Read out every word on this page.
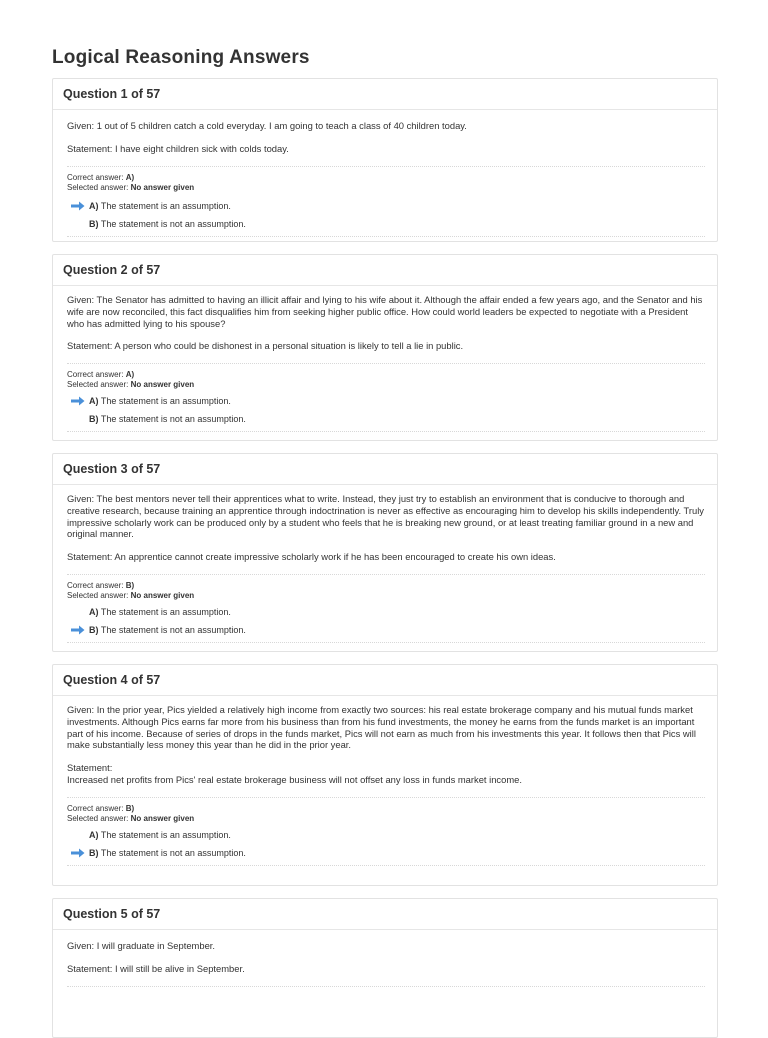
Logical Reasoning Answers
Question 1 of 57

Given: 1 out of 5 children catch a cold everyday. I am going to teach a class of 40 children today.

Statement: I have eight children sick with colds today.

Correct answer: A)
Selected answer: No answer given
A) The statement is an assumption.
B) The statement is not an assumption.
Question 2 of 57

Given: The Senator has admitted to having an illicit affair and lying to his wife about it. Although the affair ended a few years ago, and the Senator and his wife are now reconciled, this fact disqualifies him from seeking higher public office. How could world leaders be expected to negotiate with a President who has admitted lying to his spouse?

Statement: A person who could be dishonest in a personal situation is likely to tell a lie in public.

Correct answer: A)
Selected answer: No answer given
A) The statement is an assumption.
B) The statement is not an assumption.
Question 3 of 57

Given: The best mentors never tell their apprentices what to write. Instead, they just try to establish an environment that is conducive to thorough and creative research, because training an apprentice through indoctrination is never as effective as encouraging him to develop his skills independently. Truly impressive scholarly work can be produced only by a student who feels that he is breaking new ground, or at least treating familiar ground in a new and original manner.

Statement: An apprentice cannot create impressive scholarly work if he has been encouraged to create his own ideas.

Correct answer: B)
Selected answer: No answer given
A) The statement is an assumption.
B) The statement is not an assumption.
Question 4 of 57

Given: In the prior year, Pics yielded a relatively high income from exactly two sources: his real estate brokerage company and his mutual funds market investments. Although Pics earns far more from his business than from his fund investments, the money he earns from the funds market is an important part of his income. Because of series of drops in the funds market, Pics will not earn as much from his investments this year. It follows then that Pics will make substantially less money this year than he did in the prior year.

Statement:
Increased net profits from Pics' real estate brokerage business will not offset any loss in funds market income.

Correct answer: B)
Selected answer: No answer given
A) The statement is an assumption.
B) The statement is not an assumption.
Question 5 of 57

Given: I will graduate in September.

Statement: I will still be alive in September.
